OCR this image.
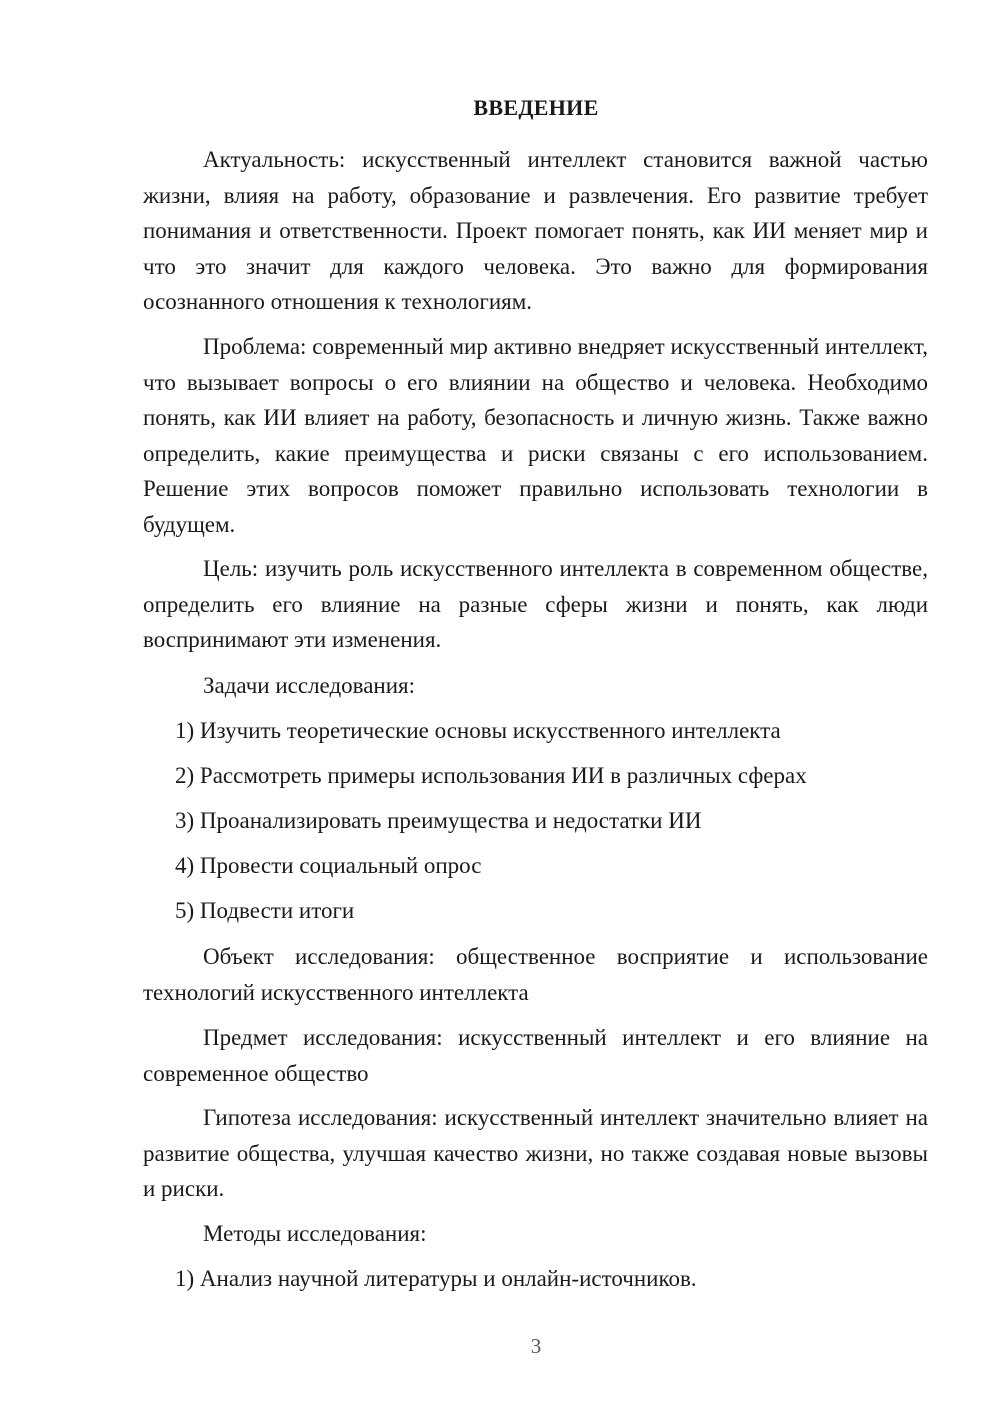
ВВЕДЕНИЕ

Актуальность: искусственный интеллект становится важной частью жизни, влияя на работу, образование и развлечения. Его развитие требует понимания и ответственности. Проект помогает понять, как ИИ меняет мир и что это значит для каждого человека. Это важно для формирования осознанного отношения к технологиям.

Проблема: современный мир активно внедряет искусственный интеллект, что вызывает вопросы о его влиянии на общество и человека. Необходимо понять, как ИИ влияет на работу, безопасность и личную жизнь. Также важно определить, какие преимущества и риски связаны с его использованием. Решение этих вопросов поможет правильно использовать технологии в будущем.

Цель: изучить роль искусственного интеллекта в современном обществе, определить его влияние на разные сферы жизни и понять, как люди воспринимают эти изменения.

Задачи исследования:

1) Изучить теоретические основы искусственного интеллекта

2) Рассмотреть примеры использования ИИ в различных сферах

3) Проанализировать преимущества и недостатки ИИ

4) Провести социальный опрос

5) Подвести итоги

Объект исследования: общественное восприятие и использование технологий искусственного интеллекта

Предмет исследования: искусственный интеллект и его влияние на современное общество

Гипотеза исследования: искусственный интеллект значительно влияет на развитие общества, улучшая качество жизни, но также создавая новые вызовы и риски.

Методы исследования:

1) Анализ научной литературы и онлайн-источников.

3
